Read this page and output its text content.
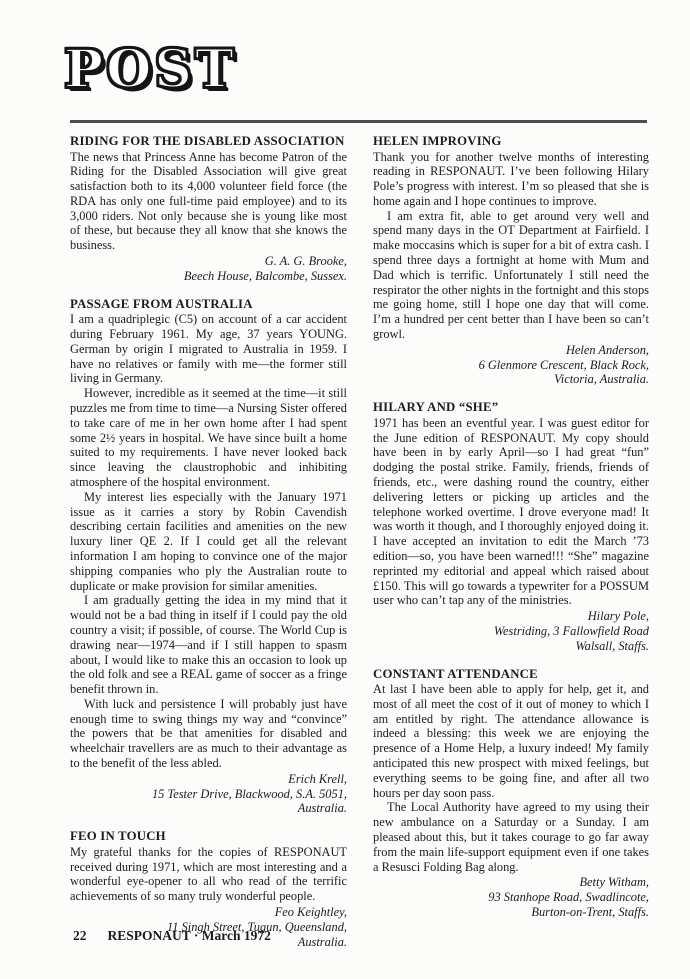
POST
RIDING FOR THE DISABLED ASSOCIATION

The news that Princess Anne has become Patron of the Riding for the Disabled Association will give great satisfaction both to its 4,000 volunteer field force (the RDA has only one full-time paid employee) and to its 3,000 riders. Not only because she is young like most of these, but because they all know that she knows the business.

G. A. G. Brooke,
Beech House, Balcombe, Sussex.
PASSAGE FROM AUSTRALIA

I am a quadriplegic (C5) on account of a car accident during February 1961. My age, 37 years YOUNG. German by origin I migrated to Australia in 1959. I have no relatives or family with me—the former still living in Germany.

However, incredible as it seemed at the time—it still puzzles me from time to time—a Nursing Sister offered to take care of me in her own home after I had spent some 2½ years in hospital. We have since built a home suited to my requirements. I have never looked back since leaving the claustrophobic and inhibiting atmosphere of the hospital environment.

My interest lies especially with the January 1971 issue as it carries a story by Robin Cavendish describing certain facilities and amenities on the new luxury liner QE 2. If I could get all the relevant information I am hoping to convince one of the major shipping companies who ply the Australian route to duplicate or make provision for similar amenities.

I am gradually getting the idea in my mind that it would not be a bad thing in itself if I could pay the old country a visit; if possible, of course. The World Cup is drawing near—1974—and if I still happen to spasm about, I would like to make this an occasion to look up the old folk and see a REAL game of soccer as a fringe benefit thrown in.

With luck and persistence I will probably just have enough time to swing things my way and “convince” the powers that be that amenities for disabled and wheelchair travellers are as much to their advantage as to the benefit of the less abled.

Erich Krell,
15 Tester Drive, Blackwood, S.A. 5051,
Australia.
FEO IN TOUCH

My grateful thanks for the copies of RESPONAUT received during 1971, which are most interesting and a wonderful eye-opener to all who read of the terrific achievements of so many truly wonderful people.

Feo Keightley,
11 Singh Street, Tugun, Queensland,
Australia.
HELEN IMPROVING

Thank you for another twelve months of interesting reading in RESPONAUT. I’ve been following Hilary Pole’s progress with interest. I’m so pleased that she is home again and I hope continues to improve.

I am extra fit, able to get around very well and spend many days in the OT Department at Fairfield. I make moccasins which is super for a bit of extra cash. I spend three days a fortnight at home with Mum and Dad which is terrific. Unfortunately I still need the respirator the other nights in the fortnight and this stops me going home, still I hope one day that will come. I’m a hundred per cent better than I have been so can’t growl.

Helen Anderson,
6 Glenmore Crescent, Black Rock,
Victoria, Australia.
HILARY AND “SHE”

1971 has been an eventful year. I was guest editor for the June edition of RESPONAUT. My copy should have been in by early April—so I had great “fun” dodging the postal strike. Family, friends, friends of friends, etc., were dashing round the country, either delivering letters or picking up articles and the telephone worked overtime. I drove everyone mad! It was worth it though, and I thoroughly enjoyed doing it. I have accepted an invitation to edit the March ’73 edition—so, you have been warned!!! “She” magazine reprinted my editorial and appeal which raised about £150. This will go towards a typewriter for a POSSUM user who can’t tap any of the ministries.

Hilary Pole,
Westriding, 3 Fallowfield Road
Walsall, Staffs.
CONSTANT ATTENDANCE

At last I have been able to apply for help, get it, and most of all meet the cost of it out of money to which I am entitled by right. The attendance allowance is indeed a blessing: this week we are enjoying the presence of a Home Help, a luxury indeed! My family anticipated this new prospect with mixed feelings, but everything seems to be going fine, and after all two hours per day soon pass.

The Local Authority have agreed to my using their new ambulance on a Saturday or a Sunday. I am pleased about this, but it takes courage to go far away from the main life-support equipment even if one takes a Resusci Folding Bag along.

Betty Witham,
93 Stanhope Road, Swadlincote,
Burton-on-Trent, Staffs.
22 RESPONAUT · March 1972
